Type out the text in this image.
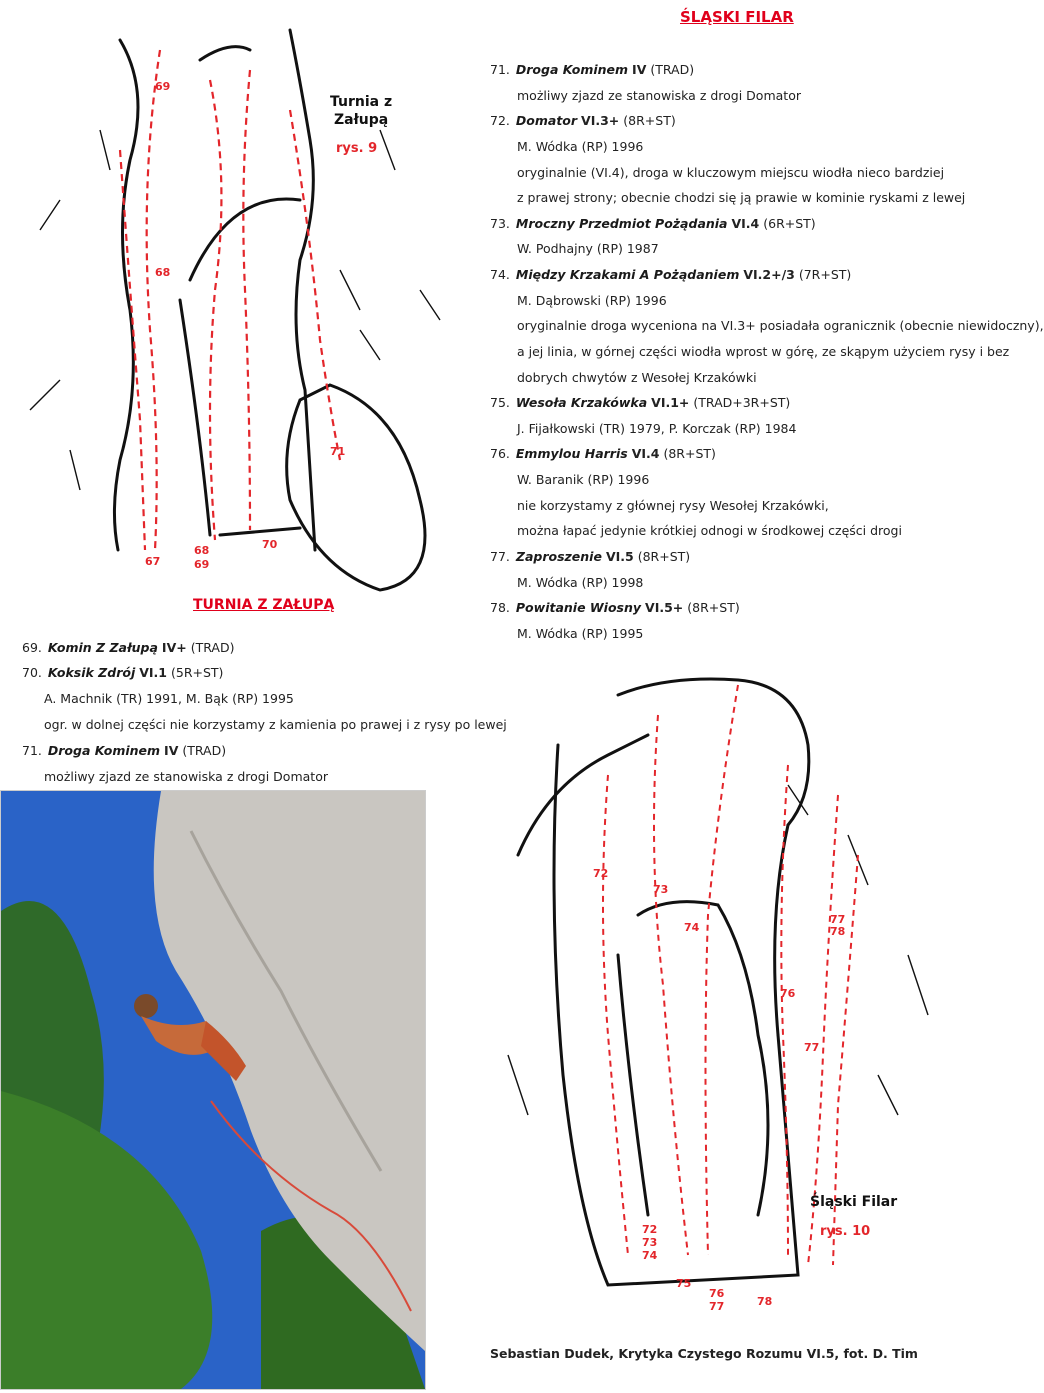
ŚLĄSKI FILAR
69
68
71
67
68
69
70
Turnia z
Załupą
rys. 9
TURNIA Z ZAŁUPĄ
71. Droga Kominem IV (TRAD)
możliwy zjazd ze stanowiska z drogi Domator
72. Domator VI.3+ (8R+ST)
M. Wódka (RP) 1996
oryginalnie (VI.4), droga w kluczowym miejscu wiodła nieco bardziej
z prawej strony; obecnie chodzi się ją prawie w kominie ryskami z lewej
73. Mroczny Przedmiot Pożądania VI.4 (6R+ST)
W. Podhajny (RP) 1987
74. Między Krzakami A Pożądaniem VI.2+/3 (7R+ST)
M. Dąbrowski (RP) 1996
oryginalnie droga wyceniona na VI.3+ posiadała ogranicznik (obecnie niewidoczny),
a jej linia, w górnej części wiodła wprost w górę, ze skąpym użyciem rysy i bez
dobrych chwytów z Wesołej Krzakówki
75. Wesoła Krzakówka VI.1+ (TRAD+3R+ST)
J. Fijałkowski (TR) 1979, P. Korczak (RP) 1984
76. Emmylou Harris VI.4 (8R+ST)
W. Baranik (RP) 1996
nie korzystamy z głównej rysy Wesołej Krzakówki,
można łapać jedynie krótkiej odnogi w środkowej części drogi
77. Zaproszenie VI.5 (8R+ST)
M. Wódka (RP) 1998
78. Powitanie Wiosny VI.5+ (8R+ST)
M. Wódka (RP) 1995
69. Komin Z Załupą IV+ (TRAD)
70. Koksik Zdrój VI.1 (5R+ST)
A. Machnik (TR) 1991, M. Bąk (RP) 1995
ogr. w dolnej części nie korzystamy z kamienia po prawej i z rysy po lewej
71. Droga Kominem IV (TRAD)
możliwy zjazd ze stanowiska z drogi Domator
72
73
74
77
78
76
77
72
73
74
75
76
77	78
Śląski Filar
rys. 10
Sebastian Dudek, Krytyka Czystego Rozumu VI.5, fot. D. Tim
